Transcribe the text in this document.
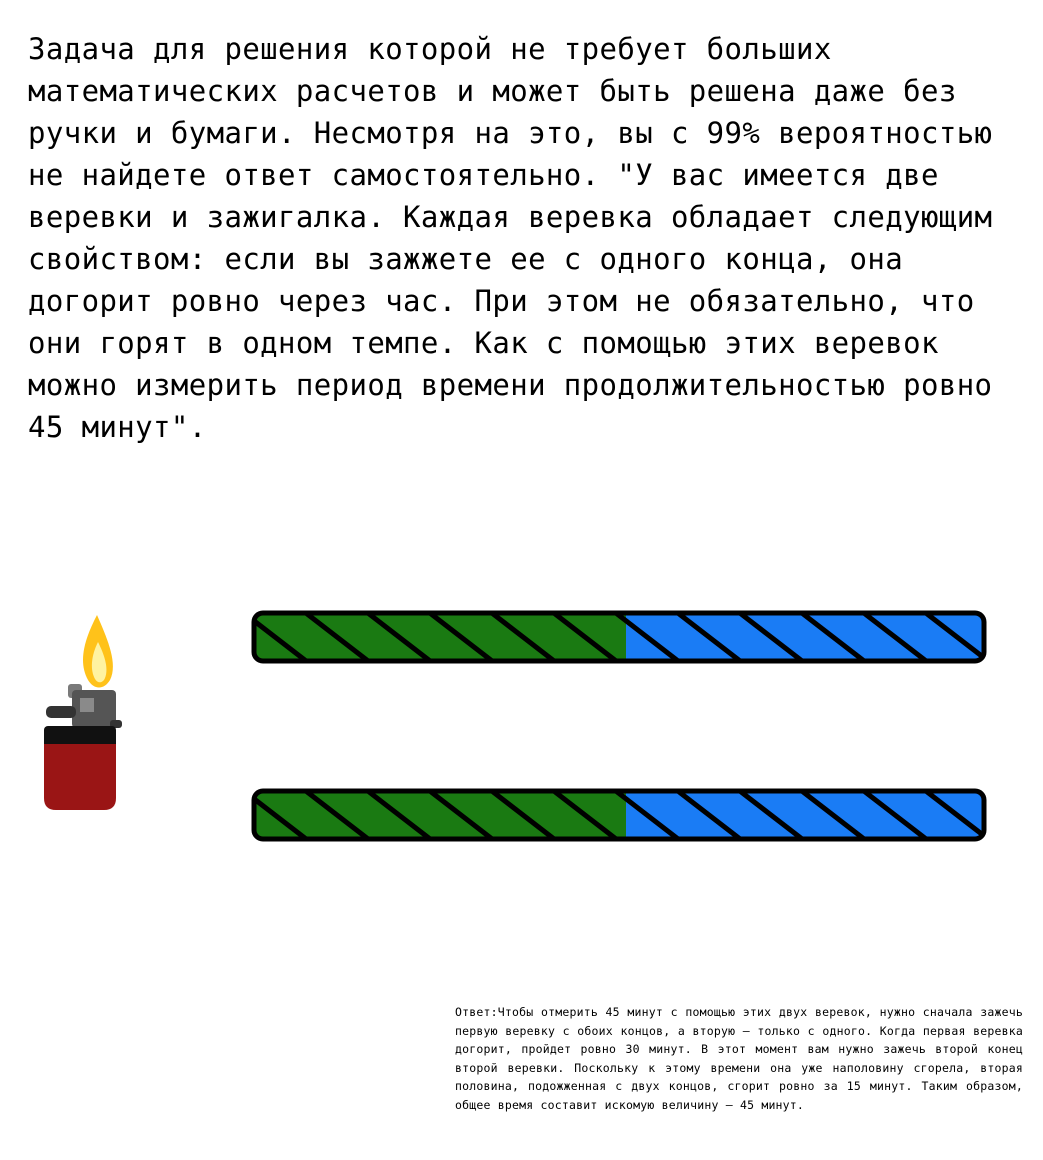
Задача для решения которой не требует больших математических расчетов и может быть решена даже без ручки и бумаги. Несмотря на это, вы с 99% вероятностью не найдете ответ самостоятельно. "У вас имеется две веревки и зажигалка. Каждая веревка обладает следующим свойством: если вы зажжете ее с одного конца, она догорит ровно через час. При этом не обязательно, что они горят в одном темпе. Как с помощью этих веревок можно измерить период времени продолжительностью ровно 45 минут".

Ответ:Чтобы отмерить 45 минут с помощью этих двух веревок, нужно сначала зажечь первую веревку с обоих концов, а вторую – только с одного. Когда первая веревка догорит, пройдет ровно 30 минут. В этот момент вам нужно зажечь второй конец второй веревки. Поскольку к этому времени она уже наполовину сгорела, вторая половина, подожженная с двух концов, сгорит ровно за 15 минут. Таким образом, общее время составит искомую величину – 45 минут.
